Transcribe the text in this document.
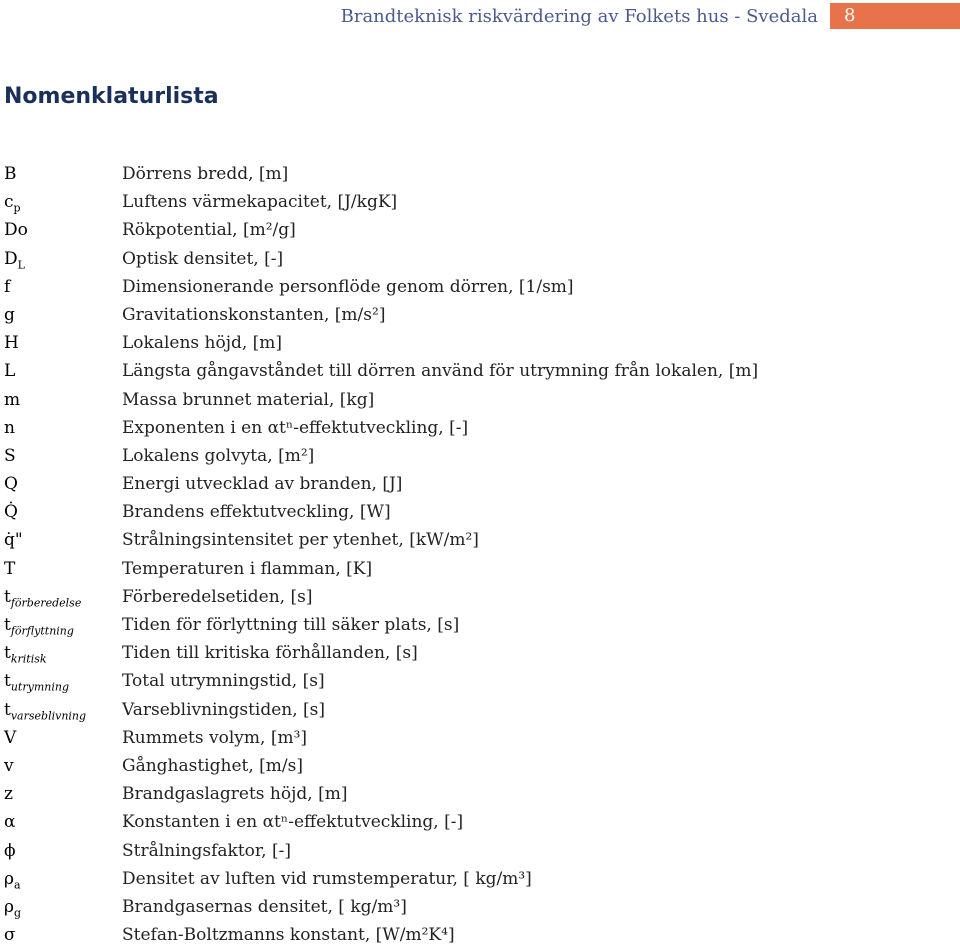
Brandteknisk riskvärdering av Folkets hus - Svedala	8
Nomenklaturlista
B	Dörrens bredd, [m]
$c_p$	Luftens värmekapacitet, [J/kgK]
Do	Rökpotential, [m²/g]
$D_L$	Optisk densitet, [-]
f	Dimensionerande personflöde genom dörren, [1/sm]
g	Gravitationskonstanten, [m/s²]
H	Lokalens höjd, [m]
L	Längsta gångavståndet till dörren använd för utrymning från lokalen, [m]
m	Massa brunnet material, [kg]
n	Exponenten i en αtⁿ-effektutveckling, [-]
S	Lokalens golvyta, [m²]
Q	Energi utvecklad av branden, [J]
Q̇	Brandens effektutveckling, [W]
q̇"	Strålningsintensitet per ytenhet, [kW/m²]
T	Temperaturen i flamman, [K]
$t_{förberedelse}$ Förberedelsetiden, [s]
$t_{förflyttning}$	Tiden för förlyttning till säker plats, [s]
$t_{kritisk}$	Tiden till kritiska förhållanden, [s]
$t_{utrymning}$	Total utrymningstid, [s]
$t_{varseblivning}$ Varseblivningstiden, [s]
V	Rummets volym, [m³]
v	Gånghastighet, [m/s]
z	Brandgaslagrets höjd, [m]
α	Konstanten i en αtⁿ-effektutveckling, [-]
ϕ	Strålningsfaktor, [-]
$\rho_a$	Densitet av luften vid rumstemperatur, [ kg/m³]
$\rho_g$	Brandgasernas densitet, [ kg/m³]
σ	Stefan-Boltzmanns konstant, [W/m²K⁴]
